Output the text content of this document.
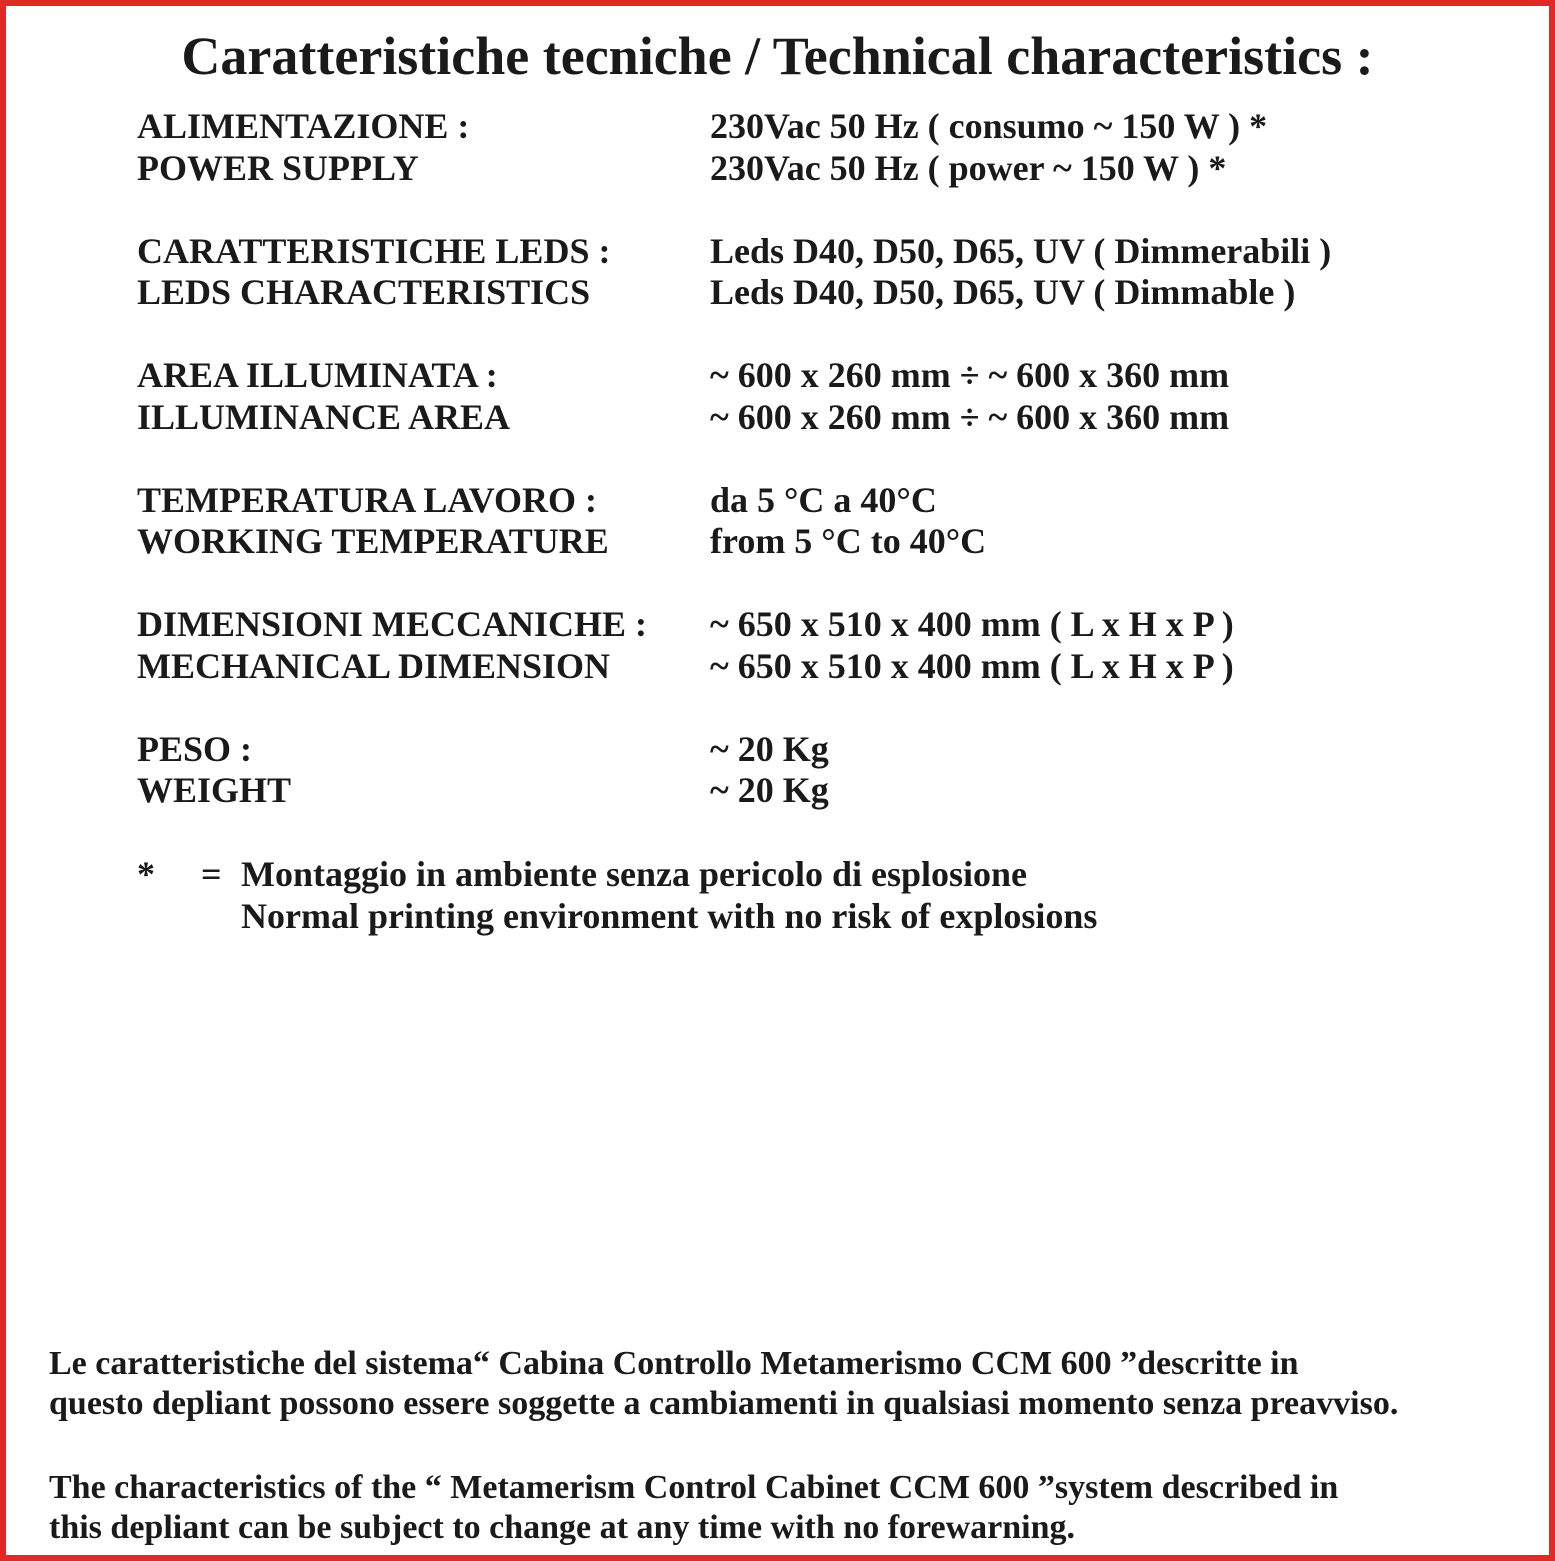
Caratteristiche tecniche / Technical characteristics :
ALIMENTAZIONE :	230Vac 50 Hz ( consumo ~ 150 W ) *
POWER SUPPLY	230Vac 50 Hz ( power ~ 150 W ) *
CARATTERISTICHE LEDS :	Leds D40, D50, D65, UV ( Dimmerabili )
LEDS CHARACTERISTICS	Leds D40, D50, D65, UV ( Dimmable )
AREA ILLUMINATA :	~ 600 x 260 mm ÷ ~ 600 x 360 mm
ILLUMINANCE AREA	~ 600 x 260 mm ÷ ~ 600 x 360 mm
TEMPERATURA LAVORO :	da 5 °C a 40°C
WORKING TEMPERATURE	from 5 °C to 40°C
DIMENSIONI MECCANICHE : ~ 650 x 510 x 400 mm ( L x H x P )
MECHANICAL DIMENSION	~ 650 x 510 x 400 mm ( L x H x P )
PESO :	~ 20 Kg
WEIGHT	~ 20 Kg
* = Montaggio in ambiente senza pericolo di esplosione
Normal printing environment with no risk of explosions
Le caratteristiche del sistema“ Cabina Controllo Metamerismo CCM 600 ”descritte in
questo depliant possono essere soggette a cambiamenti in qualsiasi momento senza preavviso.
The characteristics of the “ Metamerism Control Cabinet CCM 600 ”system described in
this depliant can be subject to change at any time with no forewarning.
